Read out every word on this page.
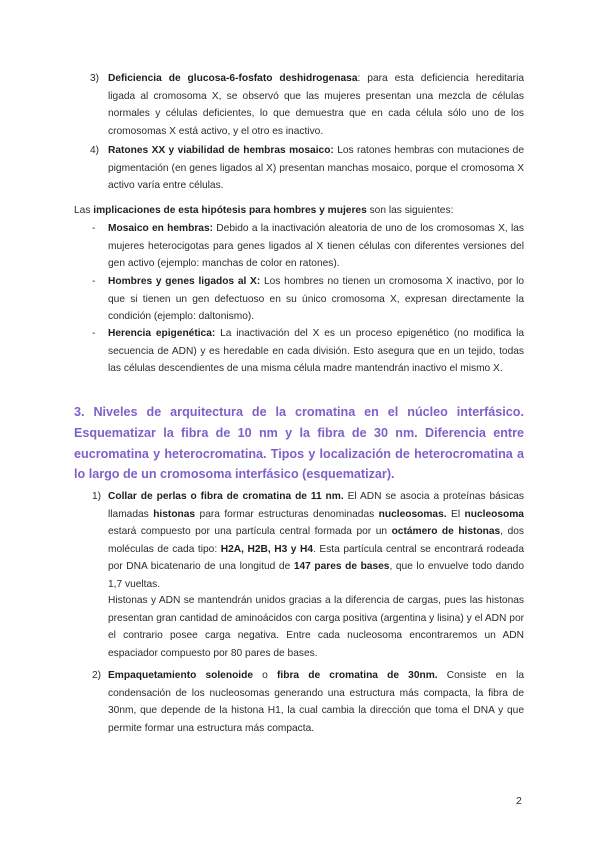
3) Deficiencia de glucosa-6-fosfato deshidrogenasa: para esta deficiencia hereditaria ligada al cromosoma X, se observó que las mujeres presentan una mezcla de células normales y células deficientes, lo que demuestra que en cada célula sólo uno de los cromosomas X está activo, y el otro es inactivo.

4) Ratones XX y viabilidad de hembras mosaico: Los ratones hembras con mutaciones de pigmentación (en genes ligados al X) presentan manchas mosaico, porque el cromosoma X activo varía entre células.

Las implicaciones de esta hipótesis para hombres y mujeres son las siguientes:

- Mosaico en hembras: Debido a la inactivación aleatoria de uno de los cromosomas X, las mujeres heterocigotas para genes ligados al X tienen células con diferentes versiones del gen activo (ejemplo: manchas de color en ratones).

- Hombres y genes ligados al X: Los hombres no tienen un cromosoma X inactivo, por lo que si tienen un gen defectuoso en su único cromosoma X, expresan directamente la condición (ejemplo: daltonismo).

- Herencia epigenética: La inactivación del X es un proceso epigenético (no modifica la secuencia de ADN) y es heredable en cada división. Esto asegura que en un tejido, todas las células descendientes de una misma célula madre mantendrán inactivo el mismo X.

3. Niveles de arquitectura de la cromatina en el núcleo interfásico. Esquematizar la fibra de 10 nm y la fibra de 30 nm. Diferencia entre eucromatina y heterocromatina. Tipos y localización de heterocromatina a lo largo de un cromosoma interfásico (esquematizar).
1) Collar de perlas o fibra de cromatina de 11 nm. El ADN se asocia a proteínas básicas llamadas histonas para formar estructuras denominadas nucleosomas. El nucleosoma estará compuesto por una partícula central formada por un octámero de histonas, dos moléculas de cada tipo: H2A, H2B, H3 y H4. Esta partícula central se encontrará rodeada por DNA bicatenario de una longitud de 147 pares de bases, que lo envuelve todo dando 1,7 vueltas.

Histonas y ADN se mantendrán unidos gracias a la diferencia de cargas, pues las histonas presentan gran cantidad de aminoácidos con carga positiva (argentina y lisina) y el ADN por el contrario posee carga negativa. Entre cada nucleosoma encontraremos un ADN espaciador compuesto por 80 pares de bases.

2) Empaquetamiento solenoide o fibra de cromatina de 30nm. Consiste en la condensación de los nucleosomas generando una estructura más compacta, la fibra de 30nm, que depende de la histona H1, la cual cambia la dirección que toma el DNA y que permite formar una estructura más compacta.

2
